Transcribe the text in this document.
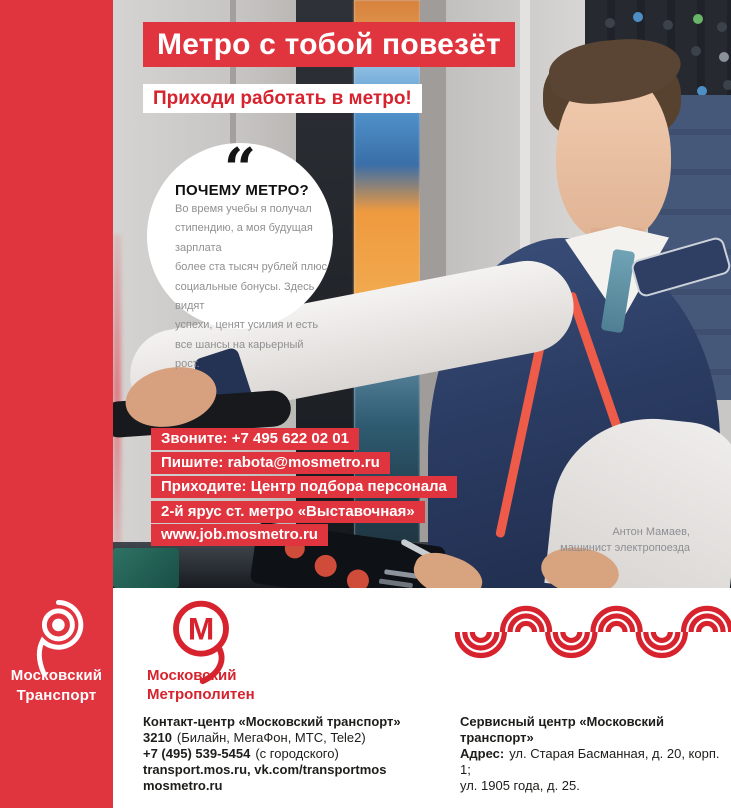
Московский
Транспорт
Метро с тобой повезёт
Приходи работать в метро!
“
ПОЧЕМУ МЕТРО?
Во время учебы я получал
стипендию, а моя будущая зарплата
более ста тысяч рублей плюс
социальные бонусы. Здесь видят
успехи, ценят усилия и есть
все шансы на карьерный рост.
Звоните: +7 495 622 02 01
Пишите: rabota@mosmetro.ru
Приходите: Центр подбора персонала
2-й ярус ст. метро «Выставочная»
www.job.mosmetro.ru	Антон Мамаев,
машинист электропоезда
М
Московский
Метрополитен
Контакт-центр «Московский транспорт»
3210 (Билайн, МегаФон, МТС, Tele2)
+7 (495) 539-5454 (с городского)
transport.mos.ru, vk.com/transportmos
mosmetro.ru
Сервисный центр «Московский транспорт»
Адрес: ул. Старая Басманная, д. 20, корп. 1;
ул. 1905 года, д. 25.
